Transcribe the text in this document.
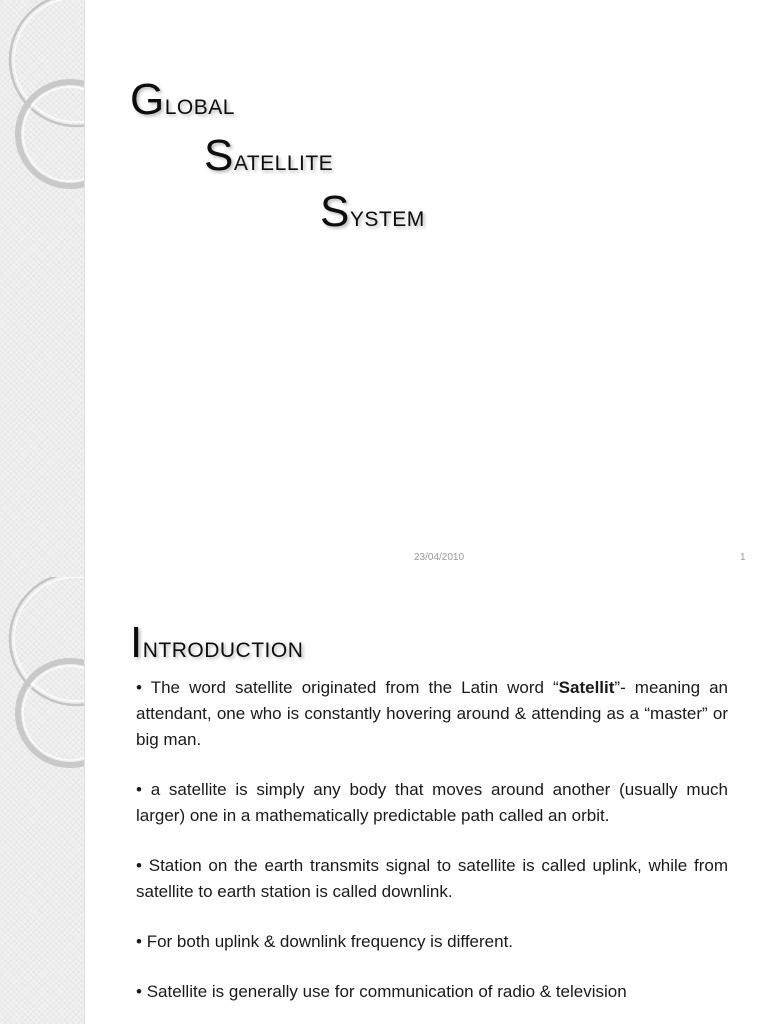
Global
Satellite
System
23/04/2010	1
Introduction

• The word satellite originated from the Latin word “Satellit”- meaning an attendant, one who is constantly hovering around & attending as a “master” or big man.

• a satellite is simply any body that moves around another (usually much larger) one in a mathematically predictable path called an orbit.

• Station on the earth transmits signal to satellite is called uplink, while from satellite to earth station is called downlink.

• For both uplink & downlink frequency is different.

• Satellite is generally use for communication of radio & television
